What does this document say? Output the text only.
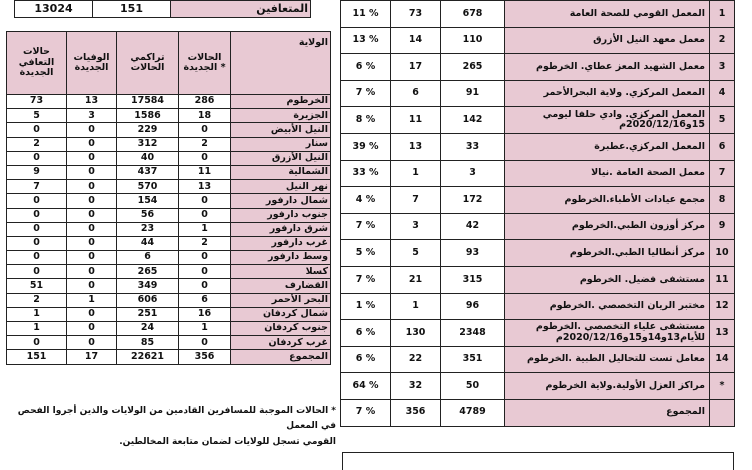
13024	151	المتعافين
حالات التعافي الجديدة	الوفيات الجديدة	تراكمي الحالات	الحالات الجديدة *	الولاية
73	13	17584	286	الخرطوم
5	3	1586	18	الجزيرة
0	0	229	0	النيل الأبيض
2	0	312	2	سنار
0	0	40	0	النيل الأزرق
9	0	437	11	الشمالية
7	0	570	13	نهر النيل
0	0	154	0	شمال دارفور
0	0	56	0	جنوب دارفور
0	0	23	1	شرق دارفور
0	0	44	2	غرب دارفور
0	0	6	0	وسط دارفور
0	0	265	0	كسلا
51	0	349	0	القضارف
2	1	606	6	البحر الأحمر
1	0	251	16	شمال كردفان
1	0	24	1	جنوب كردفان
0	0	85	0	غرب كردفان
151	17	22621	356	المجموع
* الحالات الموجبة للمسافرين القادمين من الولايات والذين أجروا الفحص في المعمل
القومي تسجل للولايات لضمان متابعة المخالطين.
11 %	73	678	المعمل القومي للصحة العامة	1
13 %	14	110	معمل معهد النيل الأزرق	2
6 %	17	265	معمل الشهيد المعز عطاي. الخرطوم	3
7 %	6	91	المعمل المركزي. ولاية البحرالأحمر	4
8 %	11	142	المعمل المركزي. وادي حلفا ليومي 15و2020/12/16م	5
39 %	13	33	المعمل المركزي.عطبرة	6
33 %	1	3	معمل الصحة العامة .نيالا	7
4 %	7	172	مجمع عيادات الأطباء.الخرطوم	8
7 %	3	42	مركز أوزون الطبي.الخرطوم	9
5 %	5	93	مركز أنطاليا الطبي.الخرطوم	10
7 %	21	315	مستشفى فضيل. الخرطوم	11
1 %	1	96	مختبر الريان التخصصي .الخرطوم	12
6 %	130	2348	مستشفى علياء التخصصي .الخرطوم للأيام13و14و15و2020/12/16م	13
6 %	22	351	معامل تست للتحاليل الطبية .الخرطوم	14
64 %	32	50	مراكز العزل الأولية.ولاية الخرطوم	*
7 %	356	4789	المجموع	
